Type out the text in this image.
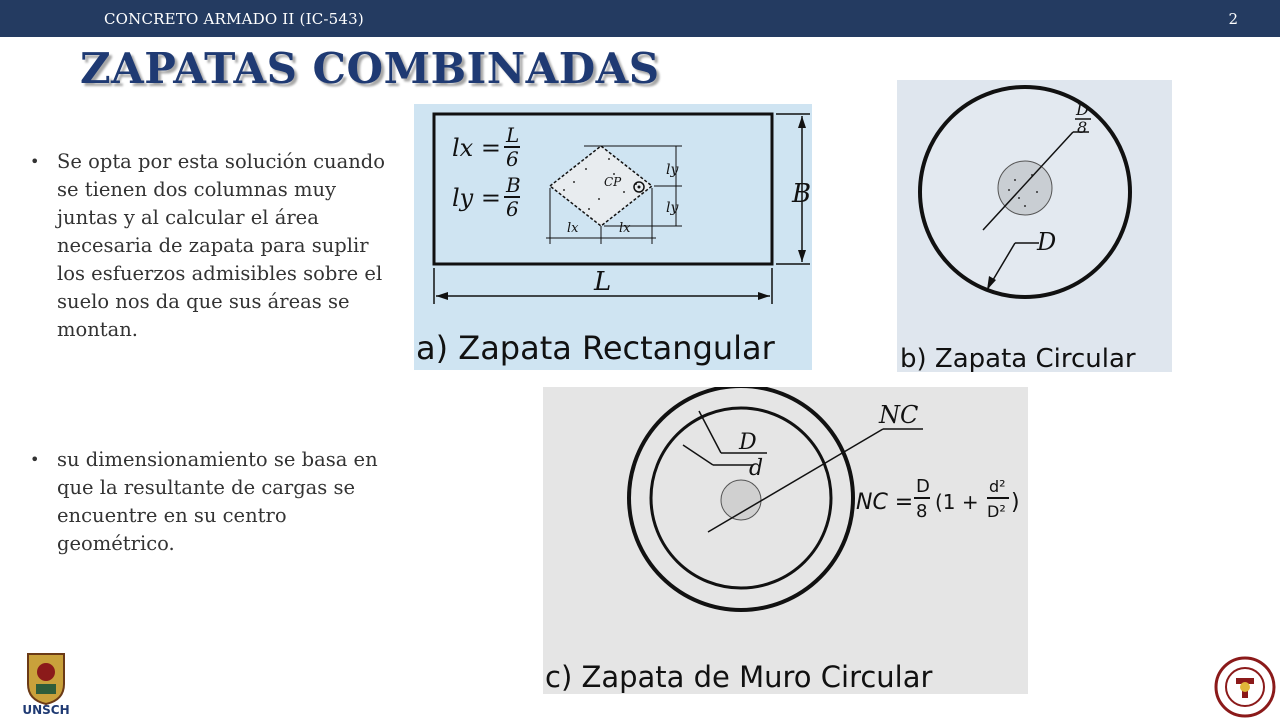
CONCRETO ARMADO II (IC-543)	2
ZAPATAS COMBINADAS
• Se opta por esta solución cuando se tienen dos columnas muy juntas y al calcular el área necesaria de zapata para suplir los esfuerzos admisibles sobre el suelo nos da que sus áreas se montan.
• su dimensionamiento se basa en que la resultante de cargas se encuentre en su centro geométrico.
lx = L
6
ly = B
6
CP
ly
ly
lx	lx
B
L
a) Zapata Rectangular
D
8
D
b) Zapata Circular
NC
D
d
NC =
D
8 (1 +
d²
D² )
c) Zapata de Muro Circular
UNSCH
